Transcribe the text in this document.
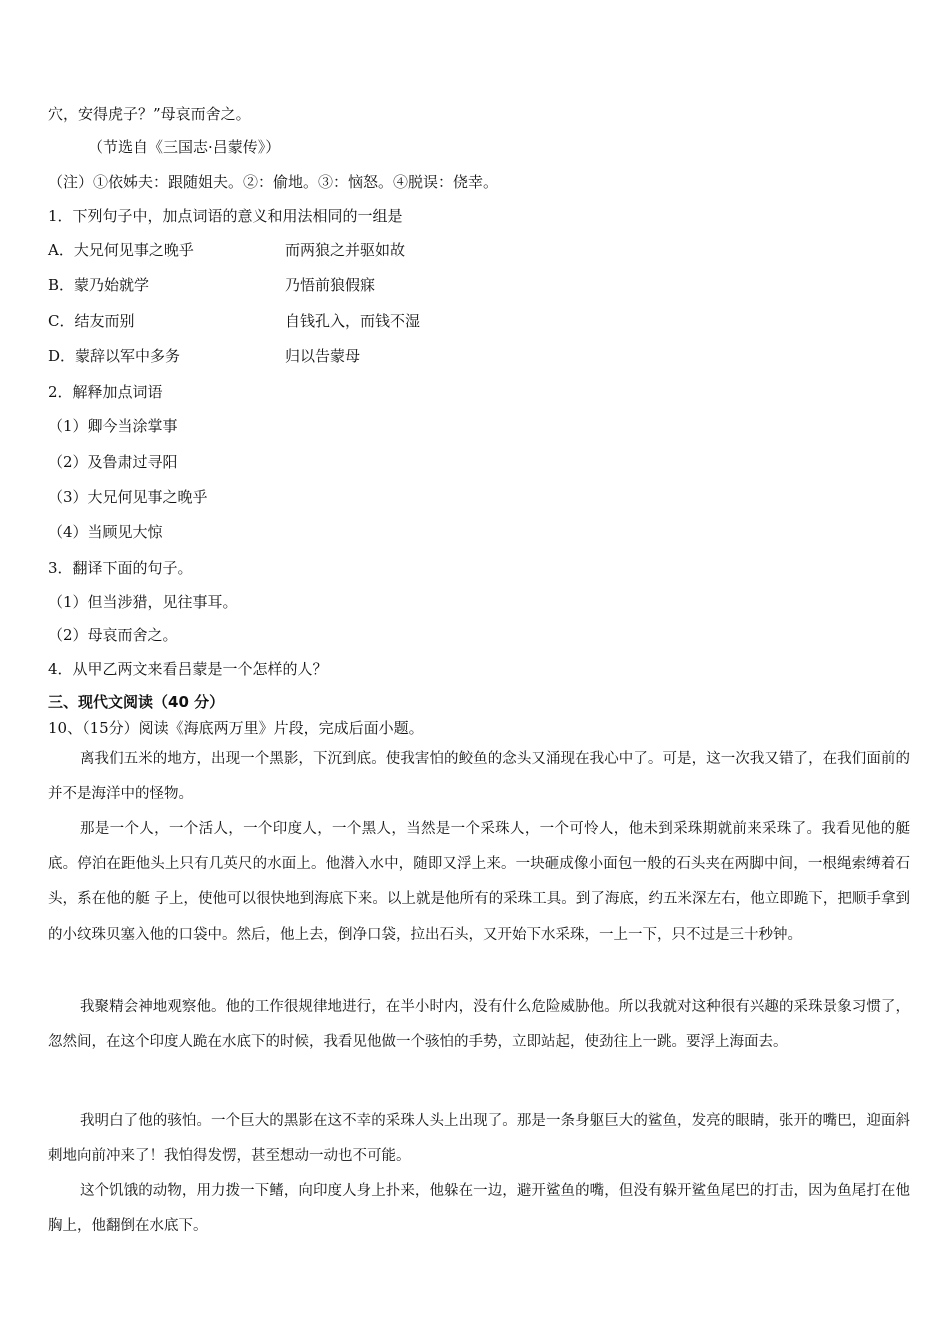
穴，安得虎子？”母哀而舍之。
（节选自《三国志·吕蒙传》）
（注）①依姊夫：跟随姐夫。②：偷地。③：恼怒。④脱误：侥幸。
1．下列句子中，加点词语的意义和用法相同的一组是
A．大兄何见事之晚乎	而两狼之并驱如故
B．蒙乃始就学	乃悟前狼假寐
C．结友而别	自钱孔入，而钱不湿
D．蒙辞以军中多务	归以告蒙母
2．解释加点词语
（1）卿今当涂掌事
（2）及鲁肃过寻阳
（3）大兄何见事之晚乎
（4）当顾见大惊
3．翻译下面的句子。
（1）但当涉猎，见往事耳。
（2）母哀而舍之。
4．从甲乙两文来看吕蒙是一个怎样的人？
三、现代文阅读（40 分）
10、（15分）阅读《海底两万里》片段，完成后面小题。
离我们五米的地方，出现一个黑影，下沉到底。使我害怕的鲛鱼的念头又涌现在我心中了。可是，这一次我又错了，在我们面前的并不是海洋中的怪物。
那是一个人，一个活人，一个印度人，一个黑人，当然是一个采珠人，一个可怜人，他未到采珠期就前来采珠了。我看见他的艇底。停泊在距他头上只有几英尺的水面上。他潜入水中，随即又浮上来。一块砸成像小面包一般的石头夹在两脚中间，一根绳索缚着石头，系在他的艇 子上，使他可以很快地到海底下来。以上就是他所有的采珠工具。到了海底，约五米深左右，他立即跪下，把顺手拿到的小纹珠贝塞入他的口袋中。然后，他上去，倒净口袋，拉出石头，又开始下水采珠，一上一下，只不过是三十秒钟。
我聚精会神地观察他。他的工作很规律地进行，在半小时内，没有什么危险威胁他。所以我就对这种很有兴趣的采珠景象习惯了，忽然间，在这个印度人跪在水底下的时候，我看见他做一个骇怕的手势，立即站起，使劲往上一跳。要浮上海面去。
我明白了他的骇怕。一个巨大的黑影在这不幸的采珠人头上出现了。那是一条身躯巨大的鲨鱼，发亮的眼睛，张开的嘴巴，迎面斜刺地向前冲来了！我怕得发愣，甚至想动一动也不可能。
这个饥饿的动物，用力拨一下鳍，向印度人身上扑来，他躲在一边，避开鲨鱼的嘴，但没有躲开鲨鱼尾巴的打击，因为鱼尾打在他胸上，他翻倒在水底下。
